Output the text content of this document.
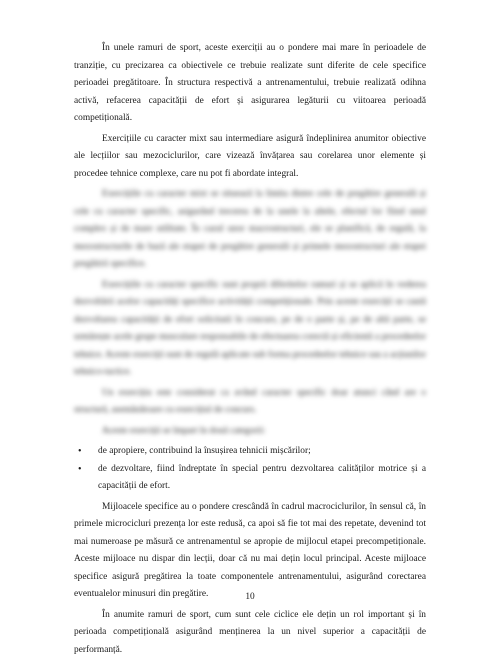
În unele ramuri de sport, aceste exerciții au o pondere mai mare în perioadele de tranziție, cu precizarea ca obiectivele ce trebuie realizate sunt diferite de cele specifice perioadei pregătitoare. În structura respectivă a antrenamentului, trebuie realizată odihna activă, refacerea capacității de efort și asigurarea legăturii cu viitoarea perioadă competițională.

Exercițiile cu caracter mixt sau intermediare asigură îndeplinirea anumitor obiective ale lecțiilor sau mezociclurilor, care vizează învățarea sau corelarea unor elemente și procedee tehnice complexe, care nu pot fi abordate integral.

Exercițiile cu caracter mixt se situează la limita dintre cele de pregătire generală și cele cu caracter specific, asigurând trecerea de la unele la altele, efectul lor fiind unul complex și de mare utilitate. În cazul unor macrostructuri, ele se planifică, de regulă, la mezostructurile de bază ale etapei de pregătire generală și primele mezostructuri ale etapei pregătirii specifice.

Exercițiile cu caracter specific sunt proprii diferitelor ramuri și se aplică în vederea dezvoltării acelor capacități specifice activității competiționale. Prin aceste exerciții se caută dezvoltarea capacității de efort solicitată în concurs, pe de o parte și, pe de altă parte, se urmărește acele grupe musculare responsabile de efectuarea corectă și eficientă a procedeelor tehnice. Aceste exerciții sunt de regulă aplicate sub forma procedeelor tehnice sau a acțiunilor tehnico-tactice.

Un exercițiu este considerat ca având caracter specific doar atunci când are o structură, asemănătoare cu exercițiul de concurs.

Aceste exerciții se împart în două categorii:

• de apropiere, contribuind la însușirea tehnicii mișcărilor;
• de dezvoltare, fiind îndreptate în special pentru dezvoltarea calităților motrice și a capacității de efort.

Mijloacele specifice au o pondere crescândă în cadrul macrociclurilor, în sensul că, în primele microcicluri prezența lor este redusă, ca apoi să fie tot mai des repetate, devenind tot mai numeroase pe măsură ce antrenamentul se apropie de mijlocul etapei precompetiționale. Aceste mijloace nu dispar din lecții, doar că nu mai dețin locul principal. Aceste mijloace specifice asigură pregătirea la toate componentele antrenamentului, asigurând corectarea eventualelor minusuri din pregătire.

În anumite ramuri de sport, cum sunt cele ciclice ele dețin un rol important și în perioada competițională asigurând menținerea la un nivel superior a capacității de performanță.

10
